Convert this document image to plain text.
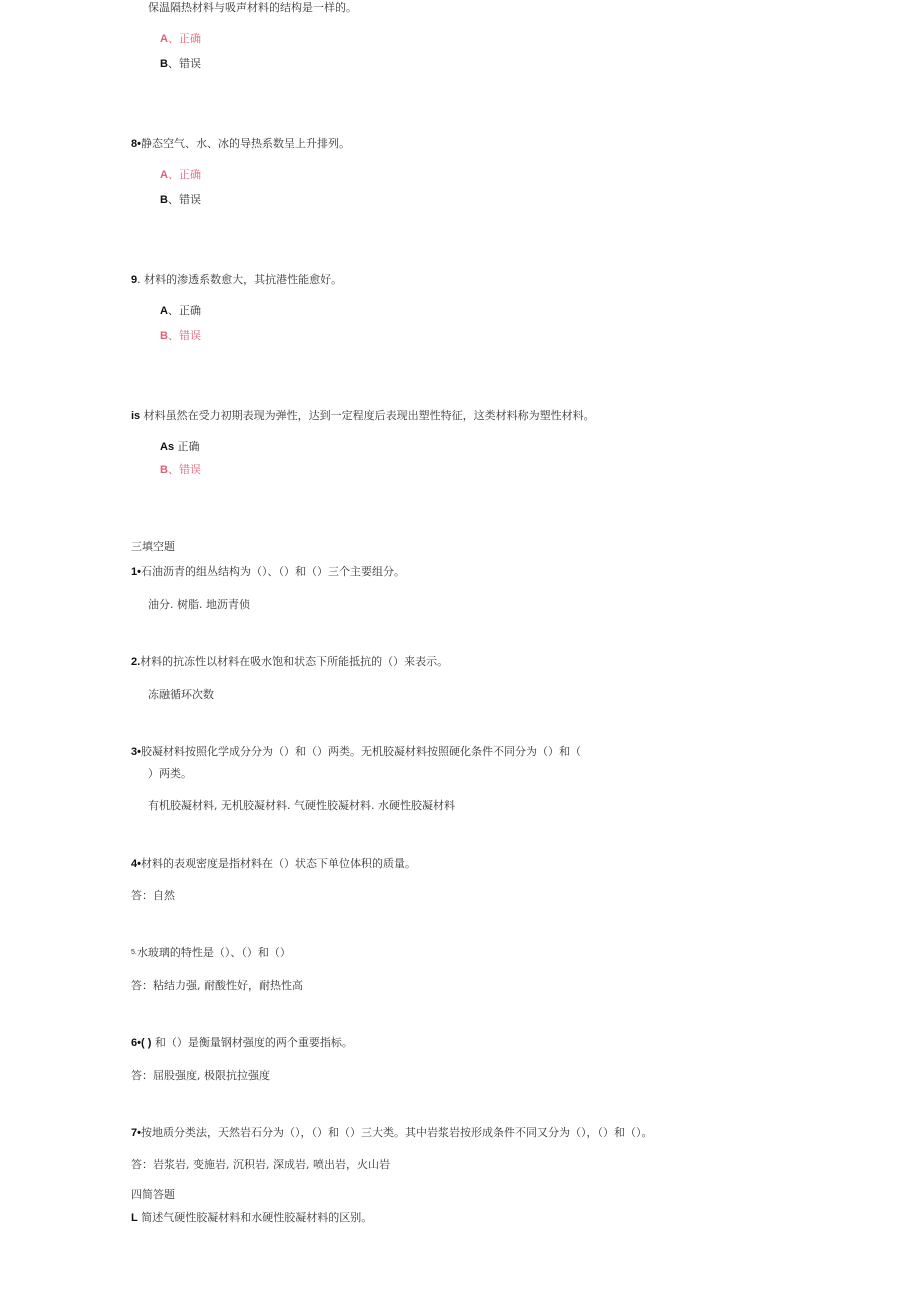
保温隔热材料与吸声材料的结构是一样的。
A、正确
B、错误
8•静态空气、水、冰的导热系数呈上升排列。
A、正确
B、错误
9. 材料的渗透系数愈大，其抗港性能愈好。
A、正确
B、错误
is 材料虽然在受力初期表现为弹性，达到一定程度后表现出塑性特征，这类材料称为塑性材料。
As 正确
B、错误
三填空题
1•石油沥青的组丛结构为（）、（）和（）三个主要组分。
油分. 树脂. 地沥青侦
2.材料的抗冻性以材料在吸水饱和状态下所能抵抗的（）来表示。
冻融循环次数
3•胶凝材料按照化学成分分为（）和（）两类。无机胶凝材料按照硬化条件不同分为（）和（
）两类。
有机胶凝材料, 无机胶凝材料. 气硬性胶凝材料. 水硬性胶凝材料
4•材料的表观密度是指材料在（）状态下单位体积的质量。
答：自然
$^{5.}$水玻璃的特性是（）、（）和（）
答：粘结力强, 耐酸性好，耐热性高
6•( ) 和（）是衡量钢材强度的两个重要指标。
答：屈股强度, 极限抗拉强度
7•按地质分类法，天然岩石分为（），（）和（）三大类。其中岩浆岩按形成条件不同又分为（），（）和（）。
答：岩浆岩, 变施岩, 沉积岩, 深成岩, 喷出岩，火山岩
四简答题
L 简述气硬性胶凝材料和水硬性胶凝材料的区别。
